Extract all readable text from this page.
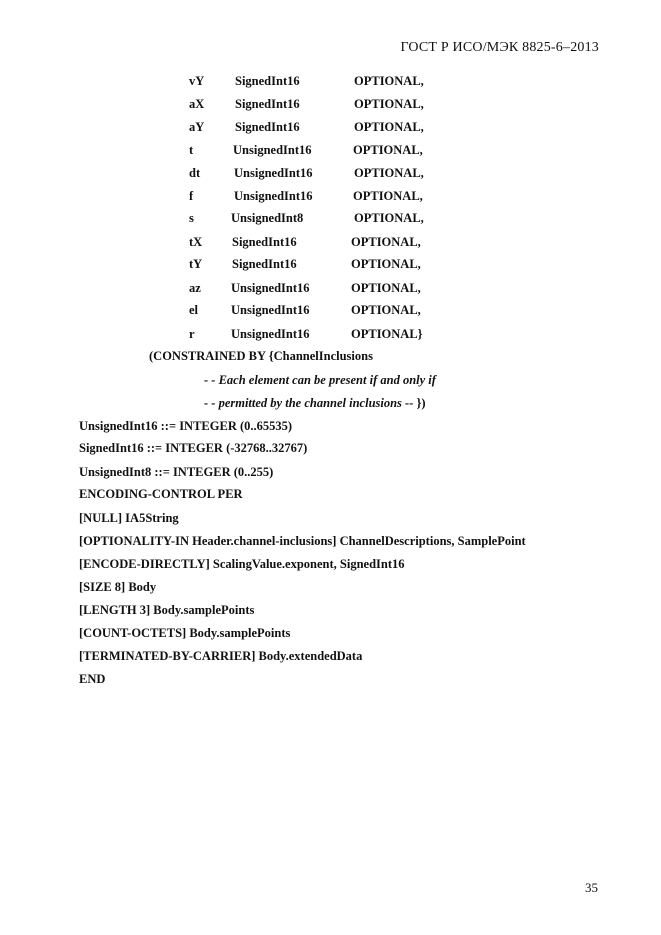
ГОСТ Р ИСО/МЭК 8825-6–2013
vY SignedInt16	OPTIONAL,
aX SignedInt16	OPTIONAL,
aY SignedInt16	OPTIONAL,
t	UnsignedInt16	OPTIONAL,
dt	UnsignedInt16	OPTIONAL,
f	UnsignedInt16	OPTIONAL,
s	UnsignedInt8	OPTIONAL,
tX SignedInt16	OPTIONAL,
tY SignedInt16	OPTIONAL,
az UnsignedInt16	OPTIONAL,
el	UnsignedInt16	OPTIONAL,
r	UnsignedInt16	OPTIONAL}
(CONSTRAINED BY {ChannelInclusions
- - Each element can be present if and only if
- - permitted by the channel inclusions -- })
UnsignedInt16 ::= INTEGER (0..65535)
SignedInt16 ::= INTEGER (-32768..32767)
UnsignedInt8 ::= INTEGER (0..255)
ENCODING-CONTROL PER
[NULL] IA5String
[OPTIONALITY-IN Header.channel-inclusions] ChannelDescriptions, SamplePoint
[ENCODE-DIRECTLY] ScalingValue.exponent, SignedInt16
[SIZE 8] Body
[LENGTH 3] Body.samplePoints
[COUNT-OCTETS] Body.samplePoints
[TERMINATED-BY-CARRIER] Body.extendedData
END
35
